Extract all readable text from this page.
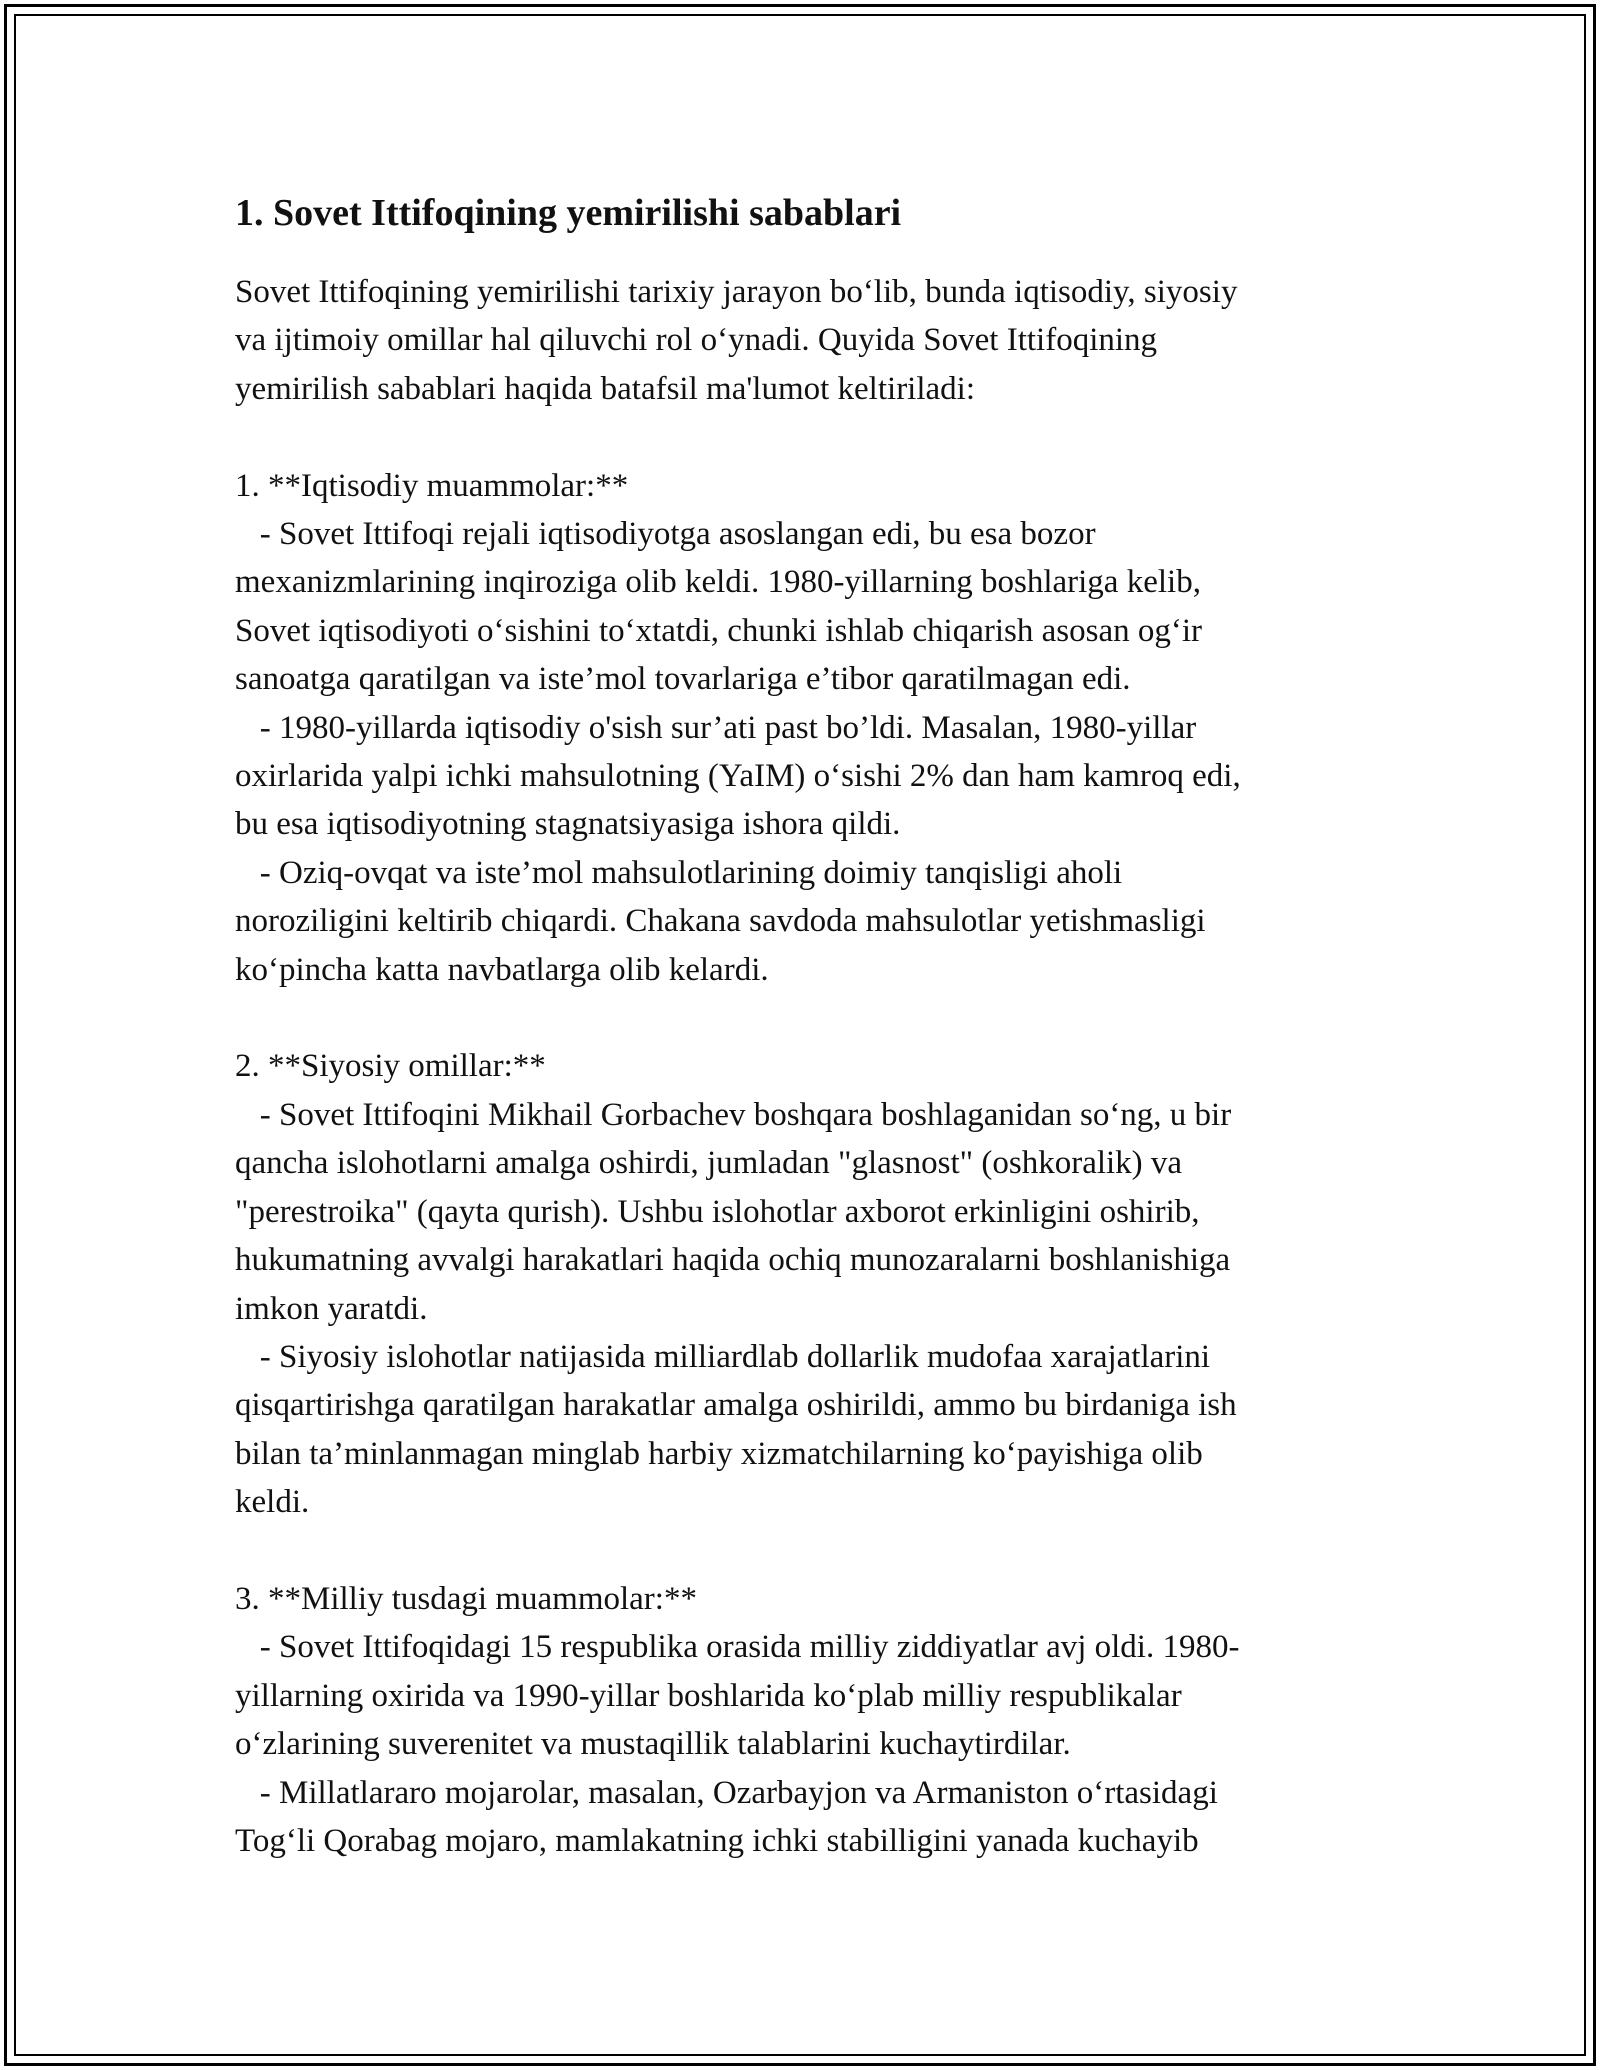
1. Sovet Ittifoqining yemirilishi sabablari

Sovet Ittifoqining yemirilishi tarixiy jarayon bo‘lib, bunda iqtisodiy, siyosiy

va ijtimoiy omillar hal qiluvchi rol o‘ynadi. Quyida Sovet Ittifoqining

yemirilish sabablari haqida batafsil ma'lumot keltiriladi:

1. **Iqtisodiy muammolar:**

- Sovet Ittifoqi rejali iqtisodiyotga asoslangan edi, bu esa bozor

mexanizmlarining inqiroziga olib keldi. 1980-yillarning boshlariga kelib,

Sovet iqtisodiyoti o‘sishini to‘xtatdi, chunki ishlab chiqarish asosan og‘ir

sanoatga qaratilgan va iste’mol tovarlariga e’tibor qaratilmagan edi.

- 1980-yillarda iqtisodiy o'sish sur’ati past bo’ldi. Masalan, 1980-yillar

oxirlarida yalpi ichki mahsulotning (YaIM) o‘sishi 2% dan ham kamroq edi,

bu esa iqtisodiyotning stagnatsiyasiga ishora qildi.

- Oziq-ovqat va iste’mol mahsulotlarining doimiy tanqisligi aholi

noroziligini keltirib chiqardi. Chakana savdoda mahsulotlar yetishmasligi

ko‘pincha katta navbatlarga olib kelardi.

2. **Siyosiy omillar:**

- Sovet Ittifoqini Mikhail Gorbachev boshqara boshlaganidan so‘ng, u bir

qancha islohotlarni amalga oshirdi, jumladan "glasnost" (oshkoralik) va

"perestroika" (qayta qurish). Ushbu islohotlar axborot erkinligini oshirib,

hukumatning avvalgi harakatlari haqida ochiq munozaralarni boshlanishiga

imkon yaratdi.

- Siyosiy islohotlar natijasida milliardlab dollarlik mudofaa xarajatlarini

qisqartirishga qaratilgan harakatlar amalga oshirildi, ammo bu birdaniga ish

bilan ta’minlanmagan minglab harbiy xizmatchilarning ko‘payishiga olib

keldi.

3. **Milliy tusdagi muammolar:**

- Sovet Ittifoqidagi 15 respublika orasida milliy ziddiyatlar avj oldi. 1980-

yillarning oxirida va 1990-yillar boshlarida ko‘plab milliy respublikalar

o‘zlarining suverenitet va mustaqillik talablarini kuchaytirdilar.

- Millatlararo mojarolar, masalan, Ozarbayjon va Armaniston o‘rtasidagi

Tog‘li Qorabag mojaro, mamlakatning ichki stabilligini yanada kuchayib
